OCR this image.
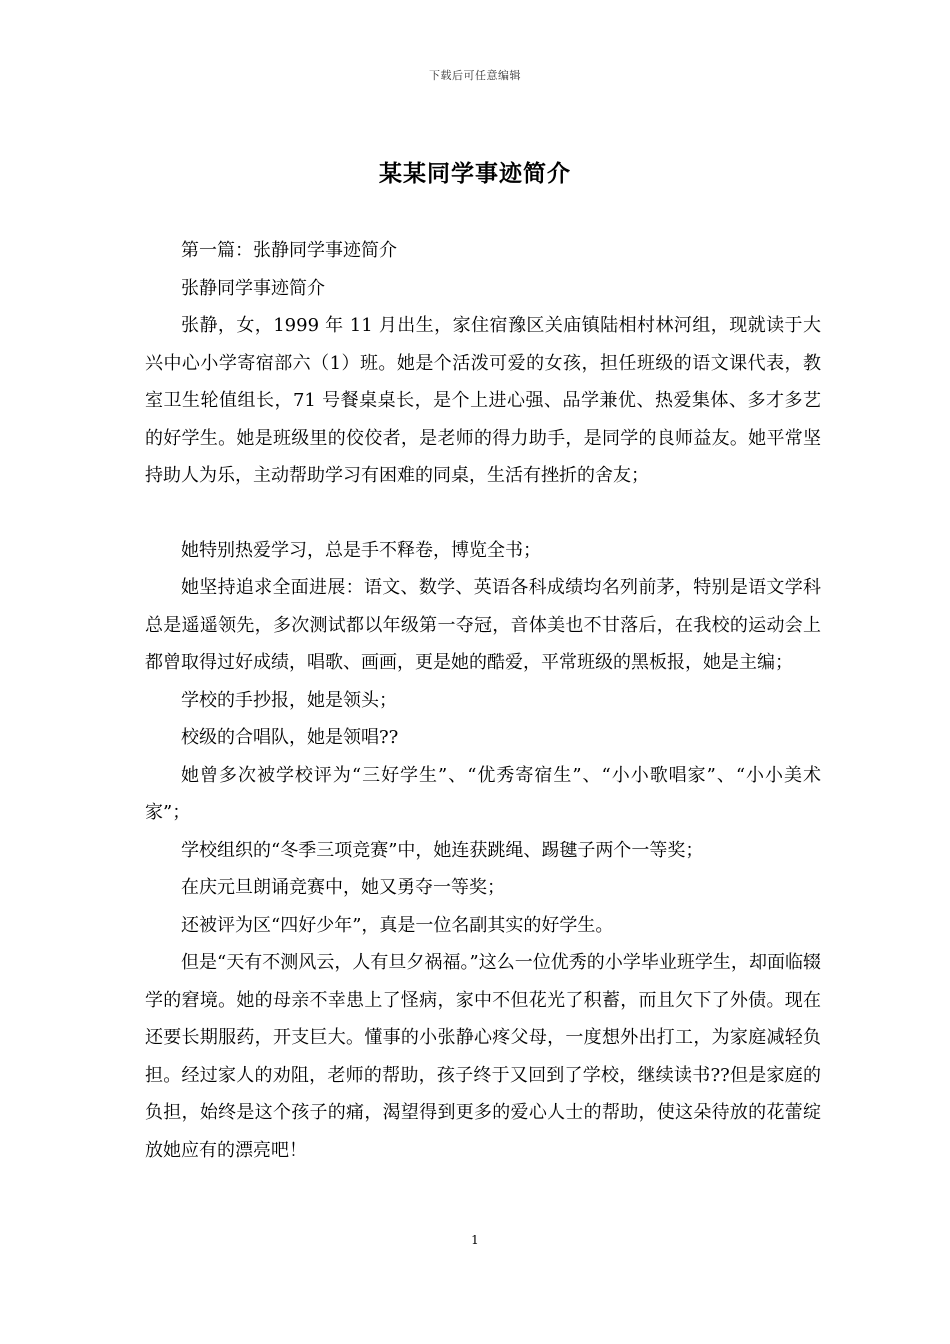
下载后可任意编辑
某某同学事迹简介

第一篇：张静同学事迹简介

张静同学事迹简介

张静，女，1999 年 11 月出生，家住宿豫区关庙镇陆相村林河组，现就读于大兴中心小学寄宿部六（1）班。她是个活泼可爱的女孩，担任班级的语文课代表，教室卫生轮值组长，71 号餐桌桌长，是个上进心强、品学兼优、热爱集体、多才多艺的好学生。她是班级里的佼佼者，是老师的得力助手，是同学的良师益友。她平常坚持助人为乐，主动帮助学习有困难的同桌，生活有挫折的舍友；

她特别热爱学习，总是手不释卷，博览全书；

她坚持追求全面进展：语文、数学、英语各科成绩均名列前茅，特别是语文学科总是遥遥领先，多次测试都以年级第一夺冠，音体美也不甘落后，在我校的运动会上都曾取得过好成绩，唱歌、画画，更是她的酷爱，平常班级的黑板报，她是主编；

学校的手抄报，她是领头；

校级的合唱队，她是领唱??

她曾多次被学校评为“三好学生”、“优秀寄宿生”、“小小歌唱家”、“小小美术家”；

学校组织的“冬季三项竞赛”中，她连获跳绳、踢毽子两个一等奖；

在庆元旦朗诵竞赛中，她又勇夺一等奖；

还被评为区“四好少年”，真是一位名副其实的好学生。

但是“天有不测风云，人有旦夕祸福。”这么一位优秀的小学毕业班学生，却面临辍学的窘境。她的母亲不幸患上了怪病，家中不但花光了积蓄，而且欠下了外债。现在还要长期服药，开支巨大。懂事的小张静心疼父母，一度想外出打工，为家庭减轻负担。经过家人的劝阻，老师的帮助，孩子终于又回到了学校，继续读书??但是家庭的负担，始终是这个孩子的痛，渴望得到更多的爱心人士的帮助，使这朵待放的花蕾绽放她应有的漂亮吧！

1
